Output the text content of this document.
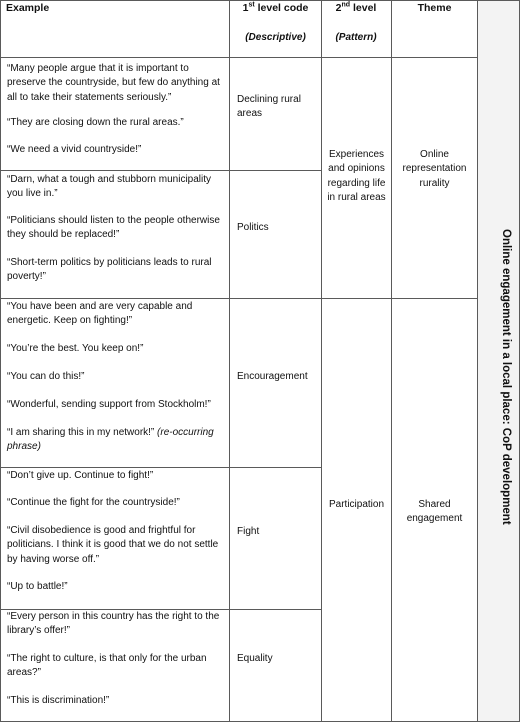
Example	1st level code
(Descriptive)
2nd level
(Pattern)
Theme

“Many people argue that it is important to preserve the countryside, but few do anything at all to take their statements seriously.”

“They are closing down the rural areas.”

“We need a vivid countryside!”

Declining rural areas

“Darn, what a tough and stubborn municipality you live in.”

“Politicians should listen to the people otherwise they should be replaced!”

“Short-term politics by politicians leads to rural poverty!”

Politics

“You have been and are very capable and energetic. Keep on fighting!”

“You’re the best. You keep on!”

“You can do this!”

“Wonderful, sending support from Stockholm!”

“I am sharing this in my network!” (re-occurring phrase)

Encouragement

“Don’t give up. Continue to fight!”

“Continue the fight for the countryside!”

“Civil disobedience is good and frightful for politicians. I think it is good that we do not settle by having worse off.”

“Up to battle!”

Fight

“Every person in this country has the right to the library’s offer!”

“The right to culture, is that only for the urban areas?”

“This is discrimination!”

Equality
Experiences and opinions regarding life in rural areas
Participation
Online representation rurality
Shared engagement	Online engagement in a local place: CoP development
